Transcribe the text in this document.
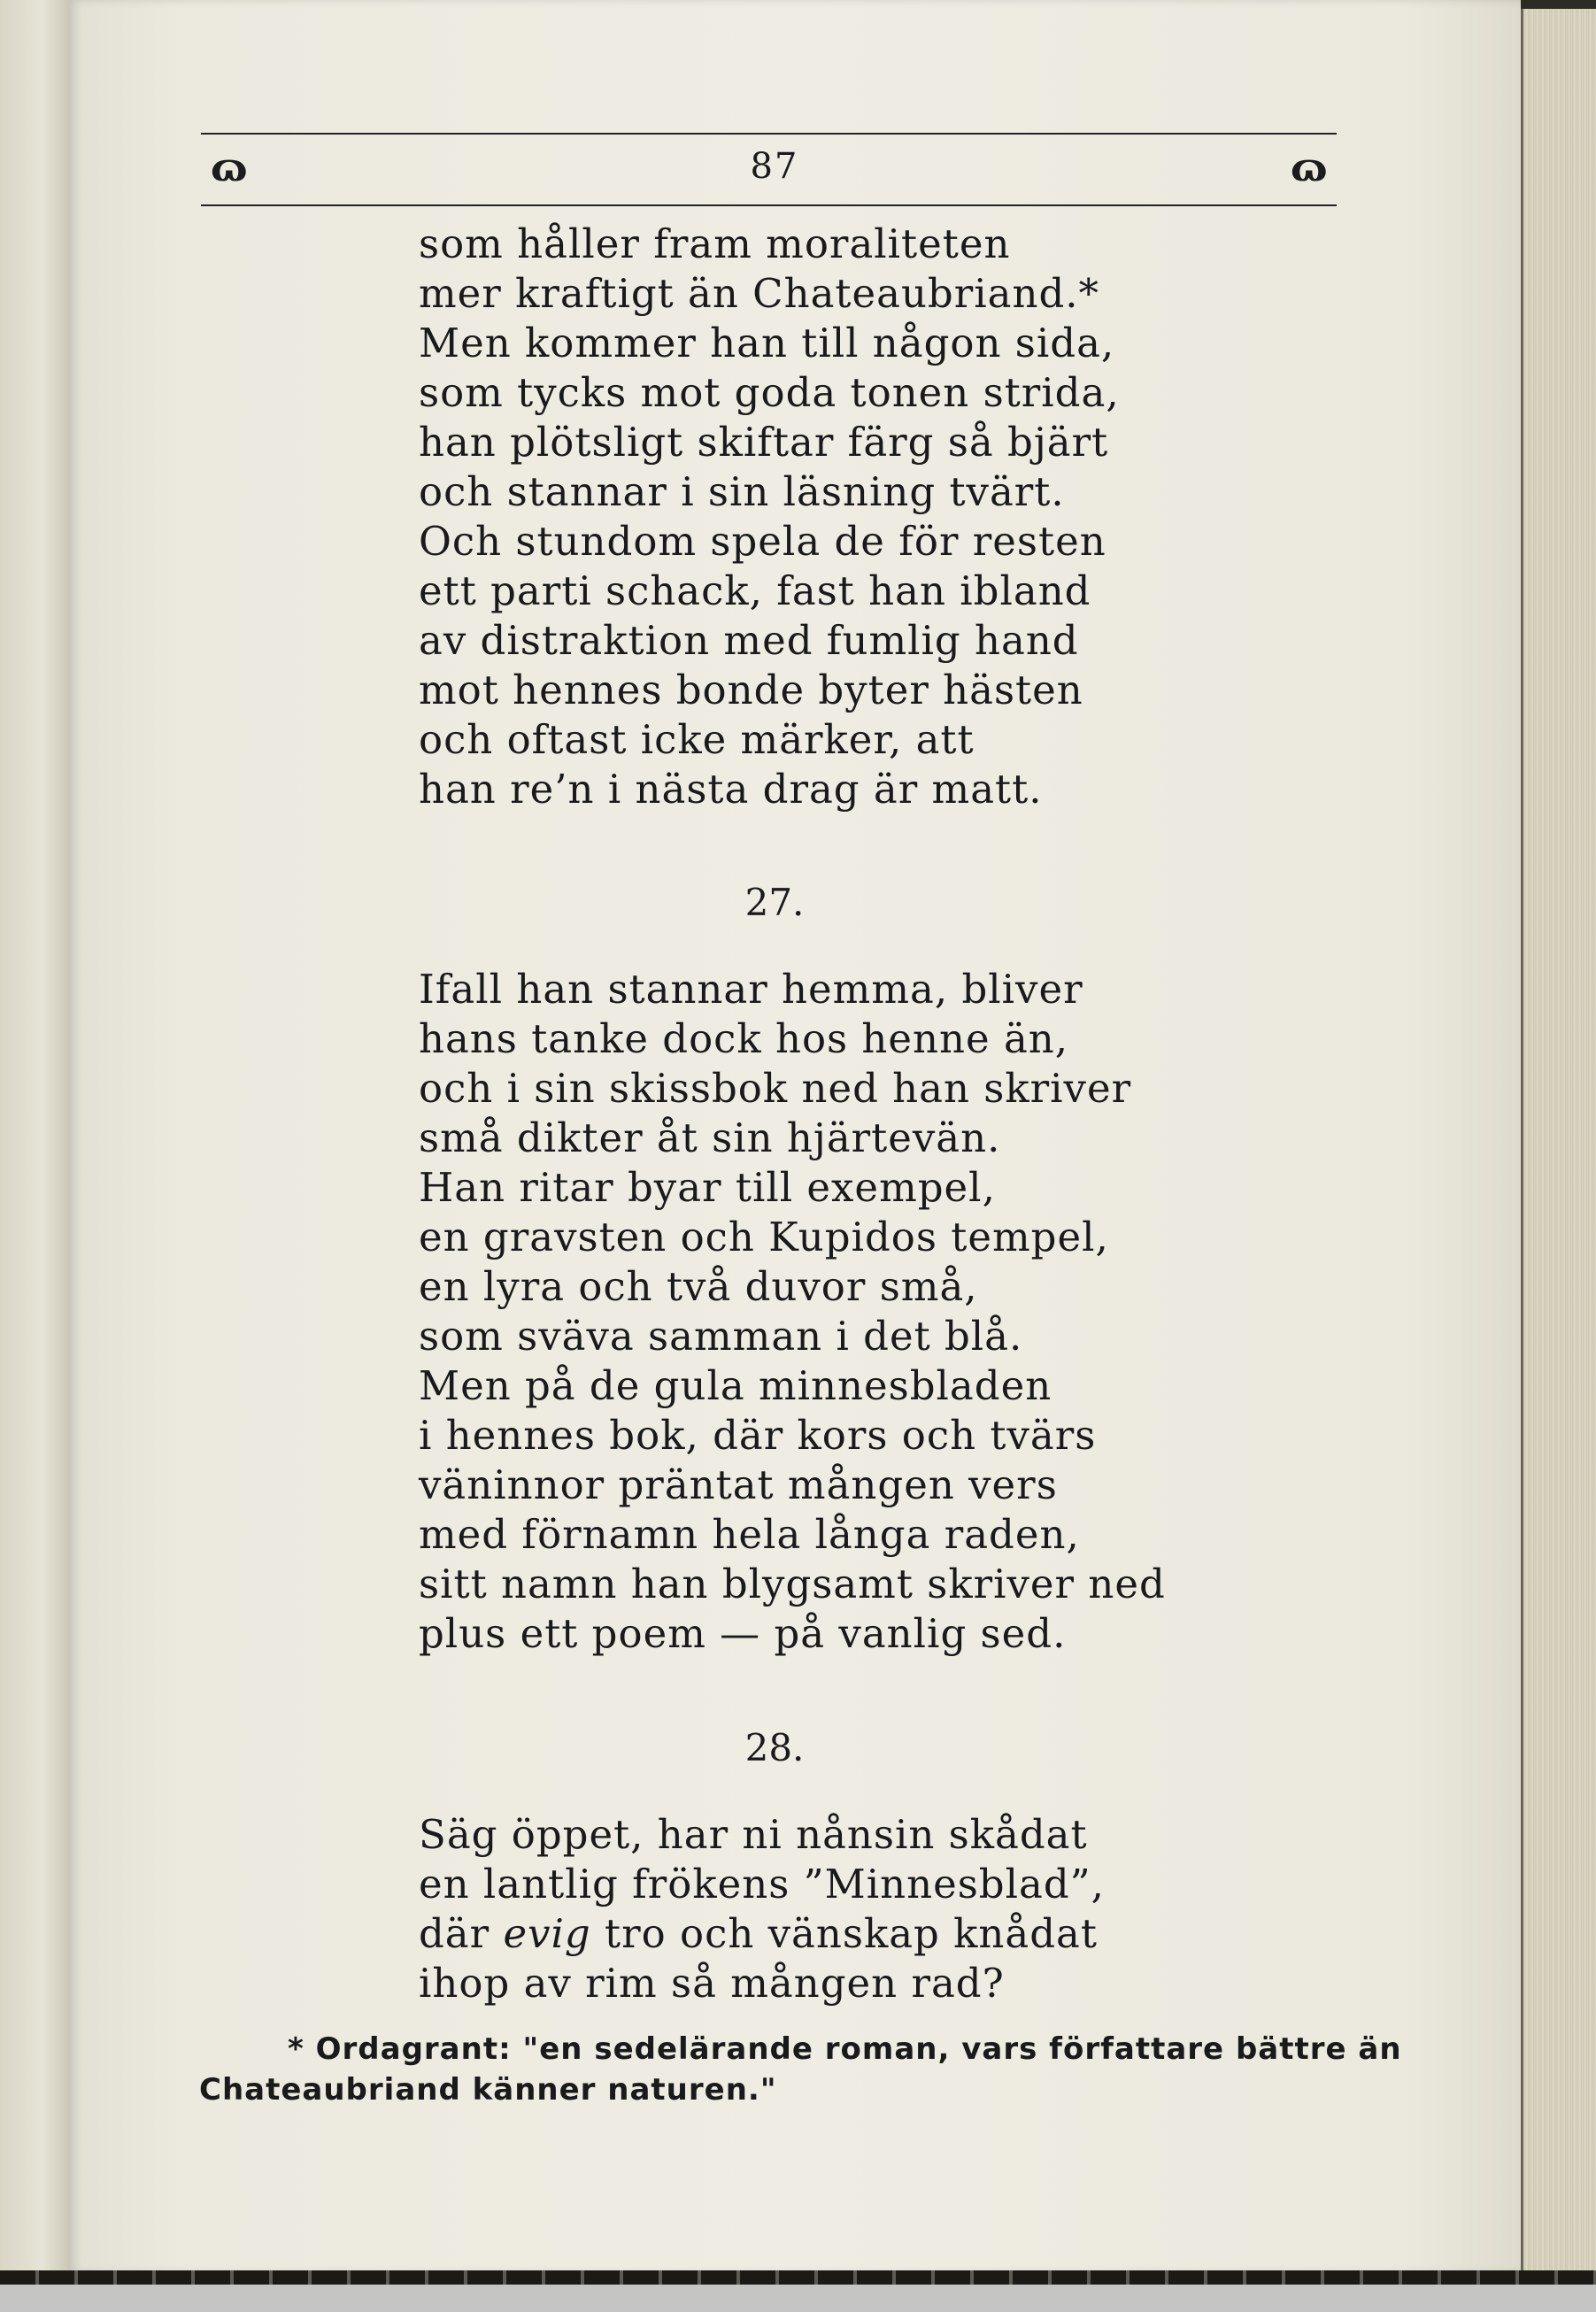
ɷ	87	ɷ
som håller fram moraliteten
mer kraftigt än Chateaubriand.*
Men kommer han till någon sida,
som tycks mot goda tonen strida,
han plötsligt skiftar färg så bjärt
och stannar i sin läsning tvärt.
Och stundom spela de för resten
ett parti schack, fast han ibland
av distraktion med fumlig hand
mot hennes bonde byter hästen
och oftast icke märker, att
han re’n i nästa drag är matt.
27.
Ifall han stannar hemma, bliver
hans tanke dock hos henne än,
och i sin skissbok ned han skriver
små dikter åt sin hjärtevän.
Han ritar byar till exempel,
en gravsten och Kupidos tempel,
en lyra och två duvor små,
som sväva samman i det blå.
Men på de gula minnesbladen
i hennes bok, där kors och tvärs
väninnor präntat mången vers
med förnamn hela långa raden,
sitt namn han blygsamt skriver ned
plus ett poem — på vanlig sed.
28.
Säg öppet, har ni nånsin skådat
en lantlig frökens ”Minnesblad”,
där evig tro och vänskap knådat
ihop av rim så mången rad?
* Ordagrant: "en sedelärande roman, vars författare bättre än
Chateaubriand känner naturen."
